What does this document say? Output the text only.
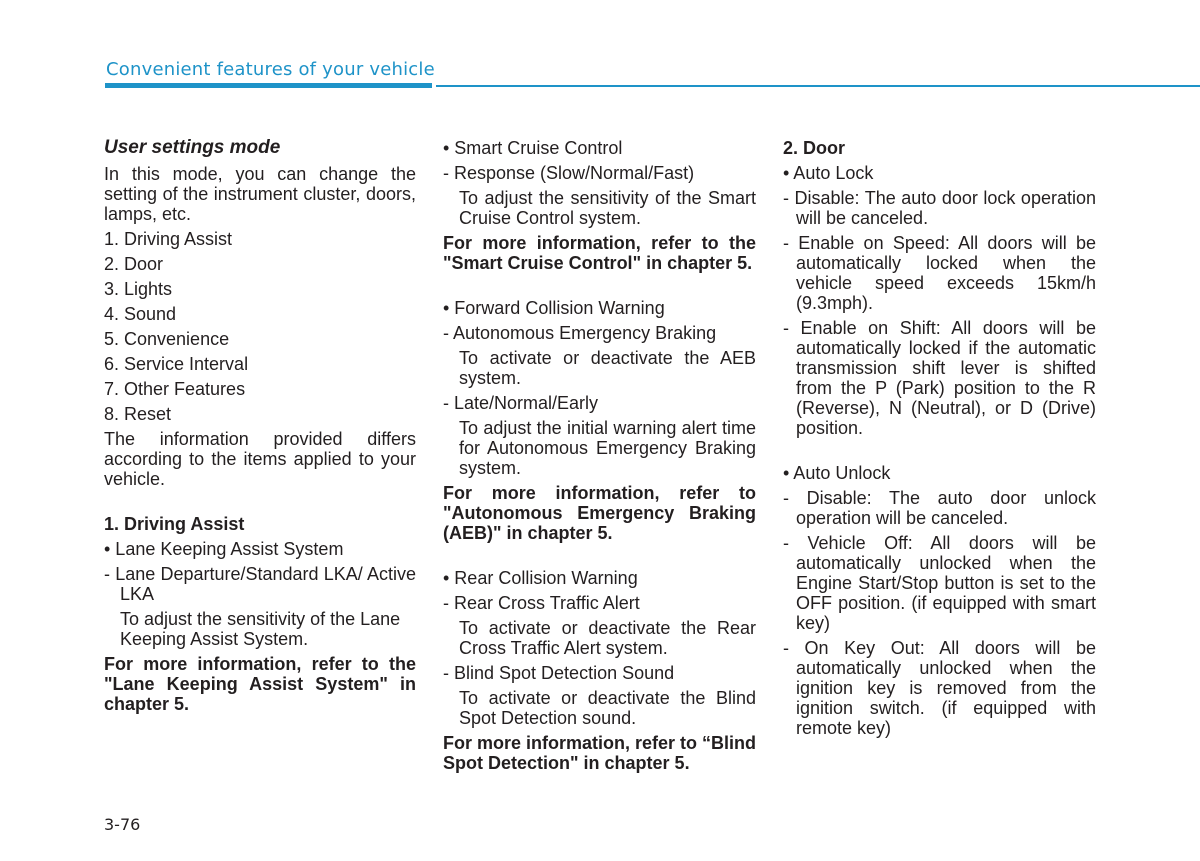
Convenient features of your vehicle

User settings mode

In this mode, you can change the setting of the instrument cluster, doors, lamps, etc.

1. Driving Assist

2. Door

3. Lights

4. Sound

5. Convenience

6. Service Interval

7. Other Features

8. Reset

The information provided differs according to the items applied to your vehicle.

1. Driving Assist

• Lane Keeping Assist System

- Lane Departure/Standard LKA/ Active LKA

To adjust the sensitivity of the Lane Keeping Assist System.

For more information, refer to the "Lane Keeping Assist System" in chapter 5.

• Smart Cruise Control

- Response (Slow/Normal/Fast)

To adjust the sensitivity of the Smart Cruise Control system.

For more information, refer to the "Smart Cruise Control" in chapter 5.

• Forward Collision Warning

- Autonomous Emergency Braking

To activate or deactivate the AEB system.

- Late/Normal/Early

To adjust the initial warning alert time for Autonomous Emergency Braking system.

For more information, refer to "Autonomous Emergency Braking (AEB)" in chapter 5.

• Rear Collision Warning

- Rear Cross Traffic Alert

To activate or deactivate the Rear Cross Traffic Alert system.

- Blind Spot Detection Sound

To activate or deactivate the Blind Spot Detection sound.

For more information, refer to “Blind Spot Detection" in chapter 5.

2. Door

• Auto Lock

- Disable: The auto door lock operation will be canceled.

- Enable on Speed: All doors will be automatically locked when the vehicle speed exceeds 15km/h (9.3mph).

- Enable on Shift: All doors will be automatically locked if the automatic transmission shift lever is shifted from the P (Park) position to the R (Reverse), N (Neutral), or D (Drive) position.

• Auto Unlock

- Disable: The auto door unlock operation will be canceled.

- Vehicle Off: All doors will be automatically unlocked when the Engine Start/Stop button is set to the OFF position. (if equipped with smart key)

- On Key Out: All doors will be automatically unlocked when the ignition key is removed from the ignition switch. (if equipped with remote key)

3-76
